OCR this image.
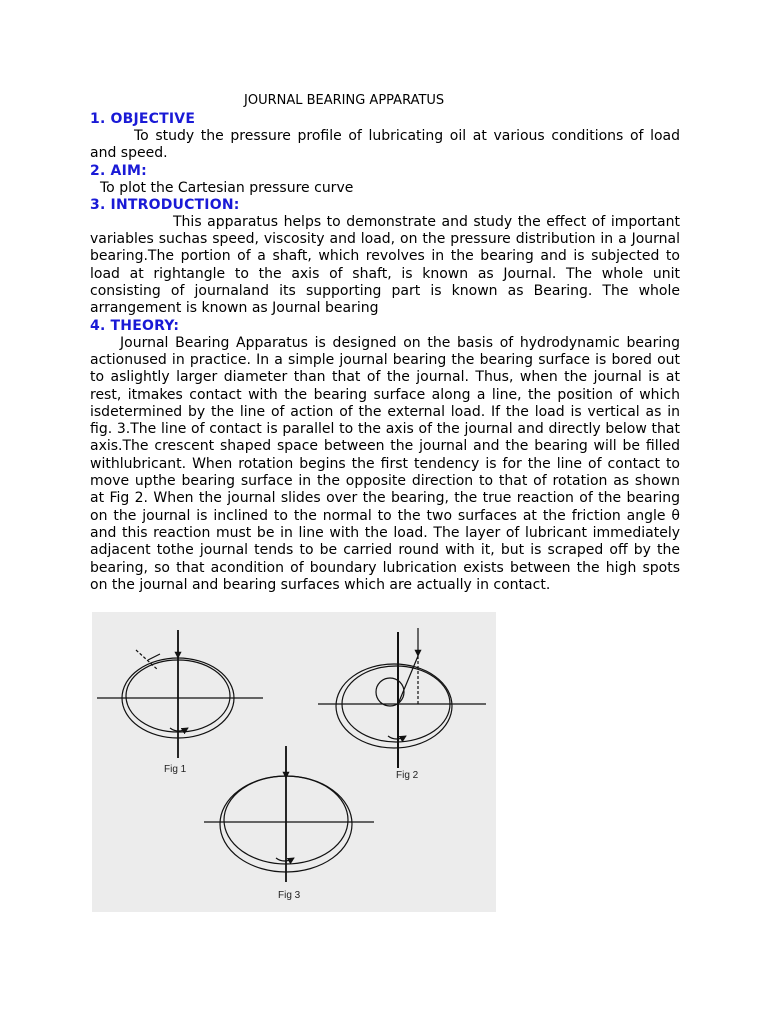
JOURNAL BEARING APPARATUS
1. OBJECTIVE

To study the pressure profile of lubricating oil at various conditions of load and speed.

2. AIM:

To plot the Cartesian pressure curve

3. INTRODUCTION:

This apparatus helps to demonstrate and study the effect of important variables suchas speed, viscosity and load, on the pressure distribution in a Journal bearing.The portion of a shaft, which revolves in the bearing and is subjected to load at rightangle to the axis of shaft, is known as Journal. The whole unit consisting of journaland its supporting part is known as Bearing. The whole arrangement is known as Journal bearing

4. THEORY:

Journal Bearing Apparatus is designed on the basis of hydrodynamic bearing actionused in practice. In a simple journal bearing the bearing surface is bored out to aslightly larger diameter than that of the journal. Thus, when the journal is at rest, itmakes contact with the bearing surface along a line, the position of which isdetermined by the line of action of the external load. If the load is vertical as in fig. 3.The line of contact is parallel to the axis of the journal and directly below that axis.The crescent shaped space between the journal and the bearing will be filled withlubricant. When rotation begins the first tendency is for the line of contact to move upthe bearing surface in the opposite direction to that of rotation as shown at Fig 2. When the journal slides over the bearing, the true reaction of the bearing on the journal is inclined to the normal to the two surfaces at the friction angle θ and this reaction must be in line with the load. The layer of lubricant immediately adjacent tothe journal tends to be carried round with it, but is scraped off by the bearing, so that acondition of boundary lubrication exists between the high spots on the journal and bearing surfaces which are actually in contact.

Fig 1
Fig 2
Fig 3
